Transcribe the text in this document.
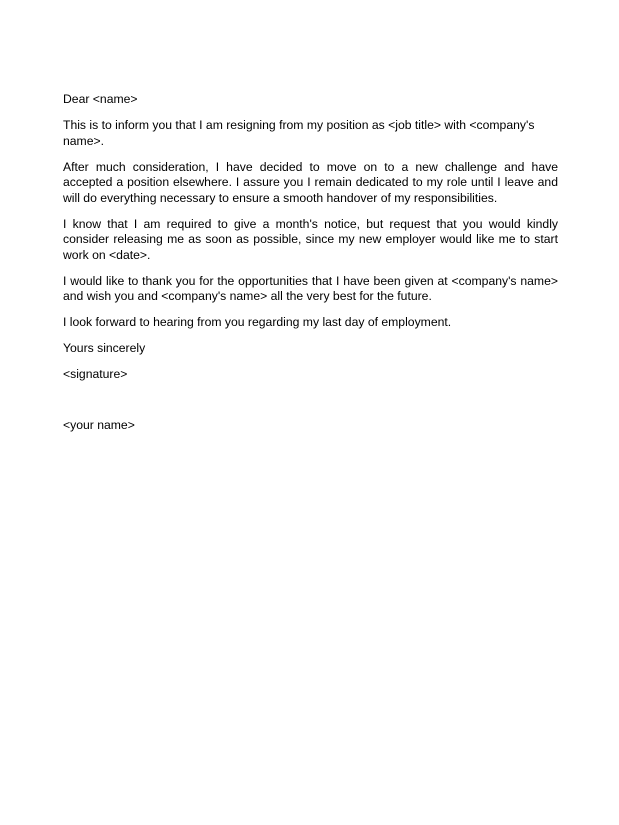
Dear <name>

This is to inform you that I am resigning from my position as <job title> with <company's name>.

After much consideration, I have decided to move on to a new challenge and have accepted a position elsewhere. I assure you I remain dedicated to my role until I leave and will do everything necessary to ensure a smooth handover of my responsibilities.

I know that I am required to give a month's notice, but request that you would kindly consider releasing me as soon as possible, since my new employer would like me to start work on <date>.

I would like to thank you for the opportunities that I have been given at <company's name> and wish you and <company's name> all the very best for the future.

I look forward to hearing from you regarding my last day of employment.

Yours sincerely

<signature>

<your name>
